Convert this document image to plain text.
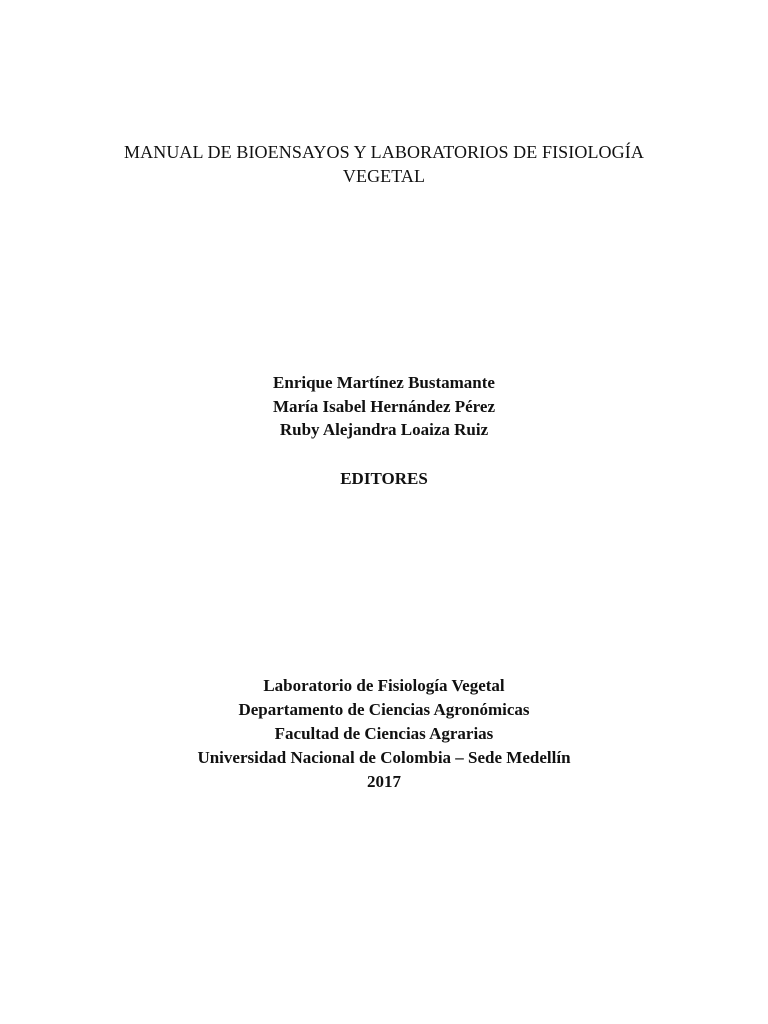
MANUAL DE BIOENSAYOS Y LABORATORIOS DE FISIOLOGÍA
VEGETAL
Enrique Martínez Bustamante
María Isabel Hernández Pérez
Ruby Alejandra Loaiza Ruiz
EDITORES
Laboratorio de Fisiología Vegetal
Departamento de Ciencias Agronómicas
Facultad de Ciencias Agrarias
Universidad Nacional de Colombia – Sede Medellín
2017
